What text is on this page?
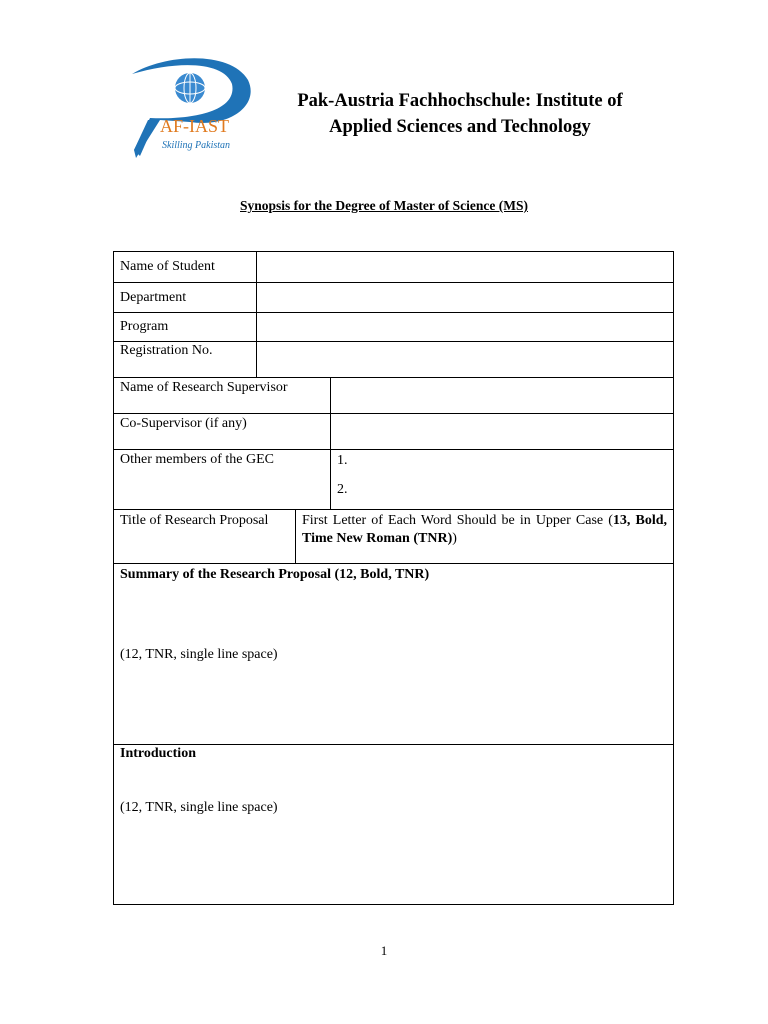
AF-IAST
Skilling Pakistan
Pak-Austria Fachhochschule: Institute of
Applied Sciences and Technology
Synopsis for the Degree of Master of Science (MS)
Name of Student
Department
Program
Registration No.
Name of Research Supervisor
Co-Supervisor (if any)
Other members of the GEC	1.
2.
Title of Research Proposal First Letter of Each Word Should be in Upper Case (13, Bold, Time New Roman (TNR))
Summary of the Research Proposal (12, Bold, TNR)
(12, TNR, single line space)
Introduction
(12, TNR, single line space)
1
